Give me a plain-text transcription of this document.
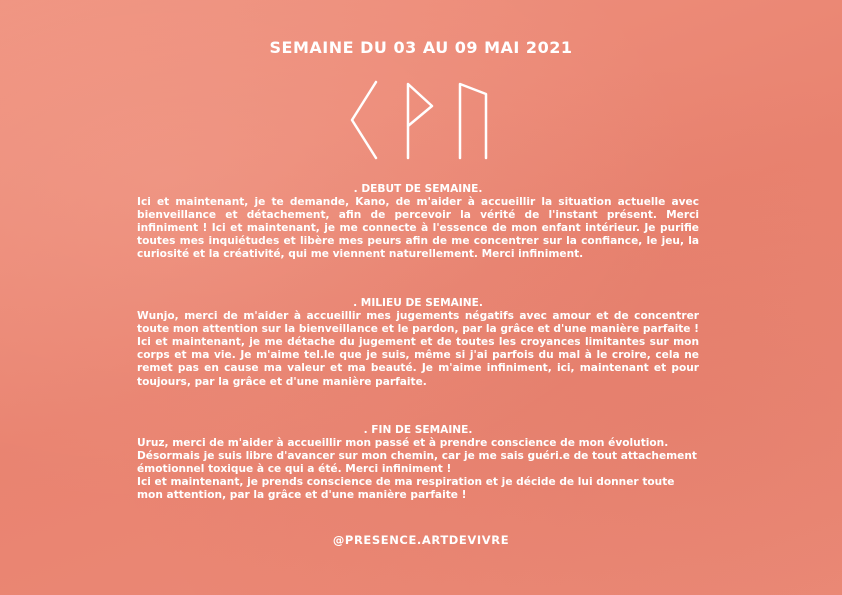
SEMAINE DU 03 AU 09 MAI 2021
. DEBUT DE SEMAINE.
Ici et maintenant, je te demande, Kano, de m'aider à accueillir la situation actuelle avec bienveillance et détachement, afin de percevoir la vérité de l'instant présent. Merci infiniment ! Ici et maintenant, je me connecte à l'essence de mon enfant intérieur. Je purifie toutes mes inquiétudes et libère mes peurs afin de me concentrer sur la confiance, le jeu, la curiosité et la créativité, qui me viennent naturellement. Merci infiniment.
. MILIEU DE SEMAINE.
Wunjo, merci de m'aider à accueillir mes jugements négatifs avec amour et de concentrer toute mon attention sur la bienveillance et le pardon, par la grâce et d'une manière parfaite ! Ici et maintenant, je me détache du jugement et de toutes les croyances limitantes sur mon corps et ma vie. Je m'aime tel.le que je suis, même si j'ai parfois du mal à le croire, cela ne remet pas en cause ma valeur et ma beauté. Je m'aime infiniment, ici, maintenant et pour toujours, par la grâce et d'une manière parfaite.
. FIN DE SEMAINE.
Uruz, merci de m'aider à accueillir mon passé et à prendre conscience de mon évolution. Désormais je suis libre d'avancer sur mon chemin, car je me sais guéri.e de tout attachement émotionnel toxique à ce qui a été. Merci infiniment !
Ici et maintenant, je prends conscience de ma respiration et je décide de lui donner toute mon attention, par la grâce et d'une manière parfaite !
@PRESENCE.ARTDEVIVRE
